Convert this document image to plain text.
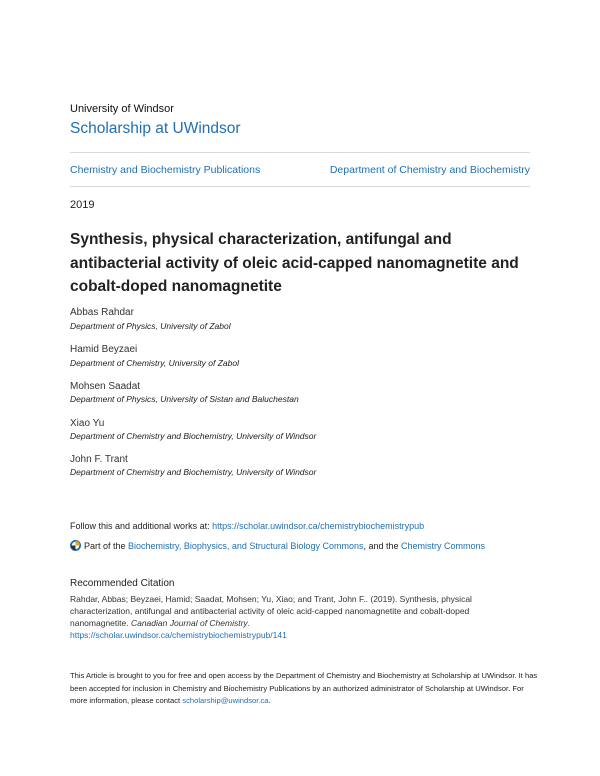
University of Windsor
Scholarship at UWindsor
Chemistry and Biochemistry Publications	Department of Chemistry and Biochemistry
2019
Synthesis, physical characterization, antifungal and antibacterial activity of oleic acid-capped nanomagnetite and cobalt-doped nanomagnetite
Abbas Rahdar
Department of Physics, University of Zabol
Hamid Beyzaei
Department of Chemistry, University of Zabol
Mohsen Saadat
Department of Physics, University of Sistan and Baluchestan
Xiao Yu
Department of Chemistry and Biochemistry, University of Windsor
John F. Trant
Department of Chemistry and Biochemistry, University of Windsor
Follow this and additional works at: https://scholar.uwindsor.ca/chemistrybiochemistrypub
Part of the Biochemistry, Biophysics, and Structural Biology Commons, and the Chemistry Commons
Recommended Citation
Rahdar, Abbas; Beyzaei, Hamid; Saadat, Mohsen; Yu, Xiao; and Trant, John F.. (2019). Synthesis, physical characterization, antifungal and antibacterial activity of oleic acid-capped nanomagnetite and cobalt-doped nanomagnetite. Canadian Journal of Chemistry.
https://scholar.uwindsor.ca/chemistrybiochemistrypub/141
This Article is brought to you for free and open access by the Department of Chemistry and Biochemistry at Scholarship at UWindsor. It has been accepted for inclusion in Chemistry and Biochemistry Publications by an authorized administrator of Scholarship at UWindsor. For more information, please contact scholarship@uwindsor.ca.
